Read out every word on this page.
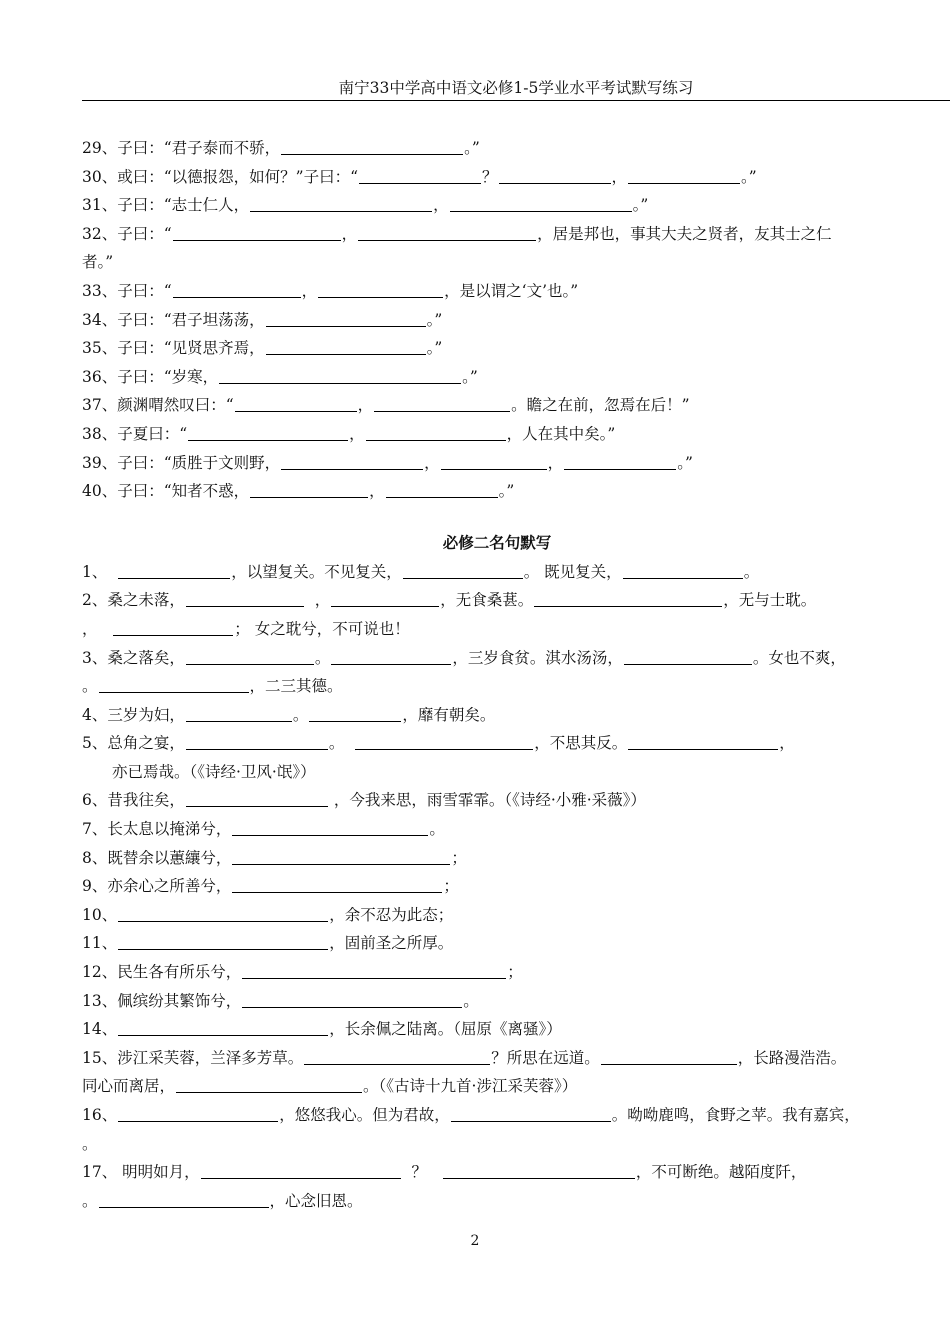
南宁33中学高中语文必修1-5学业水平考试默写练习
29、子曰：“君子泰而不骄，	。”
30、或曰：“以德报怨，如何？”子曰：“	？	，	。”
31、子曰：“志士仁人，	，	。”
32、子曰：“	，	，居是邦也，事其大夫之贤者，友其士之仁
者。”
33、子曰：“	，	，是以谓之‘文’也。”
34、子曰：“君子坦荡荡，	。”
35、子曰：“见贤思齐焉，	。”
36、子曰：“岁寒，	。”
37、颜渊喟然叹曰：“	，	。瞻之在前，忽焉在后！”
38、子夏曰：“	，	，人在其中矣。”
39、子曰：“质胜于文则野，	，	，	。”
40、子曰：“知者不惑，	，	。”
必修二名句默写
1、	，以望复关。不见复关，	。 既见复关，	。
2、桑之未落，	，	，无食桑葚。	，无与士耽。
，	； 女之耽兮，不可说也！
3、桑之落矣，	。	，三岁食贫。淇水汤汤，	。女也不爽，
。	，二三其德。
4、三岁为妇，	。	，靡有朝矣。
5、总角之宴，	。	，不思其反。	，
亦已焉哉。（《诗经·卫风·氓》）
6、昔我往矣，	，今我来思，雨雪霏霏。（《诗经·小雅·采薇》）
7、长太息以掩涕兮，	。
8、既替余以蕙纕兮，	；
9、亦余心之所善兮，	；
10、	，余不忍为此态；
11、	，固前圣之所厚。
12、民生各有所乐兮，	；
13、佩缤纷其繁饰兮，	。
14、	，长余佩之陆离。（屈原《离骚》）
15、涉江采芙蓉，兰泽多芳草。	？所思在远道。	，长路漫浩浩。
同心而离居，	。（《古诗十九首·涉江采芙蓉》）
16、	，悠悠我心。但为君故，	。呦呦鹿鸣，食野之苹。我有嘉宾，
。
17、 明明如月，	？	，不可断绝。越陌度阡，
。	，心念旧恩。
2
